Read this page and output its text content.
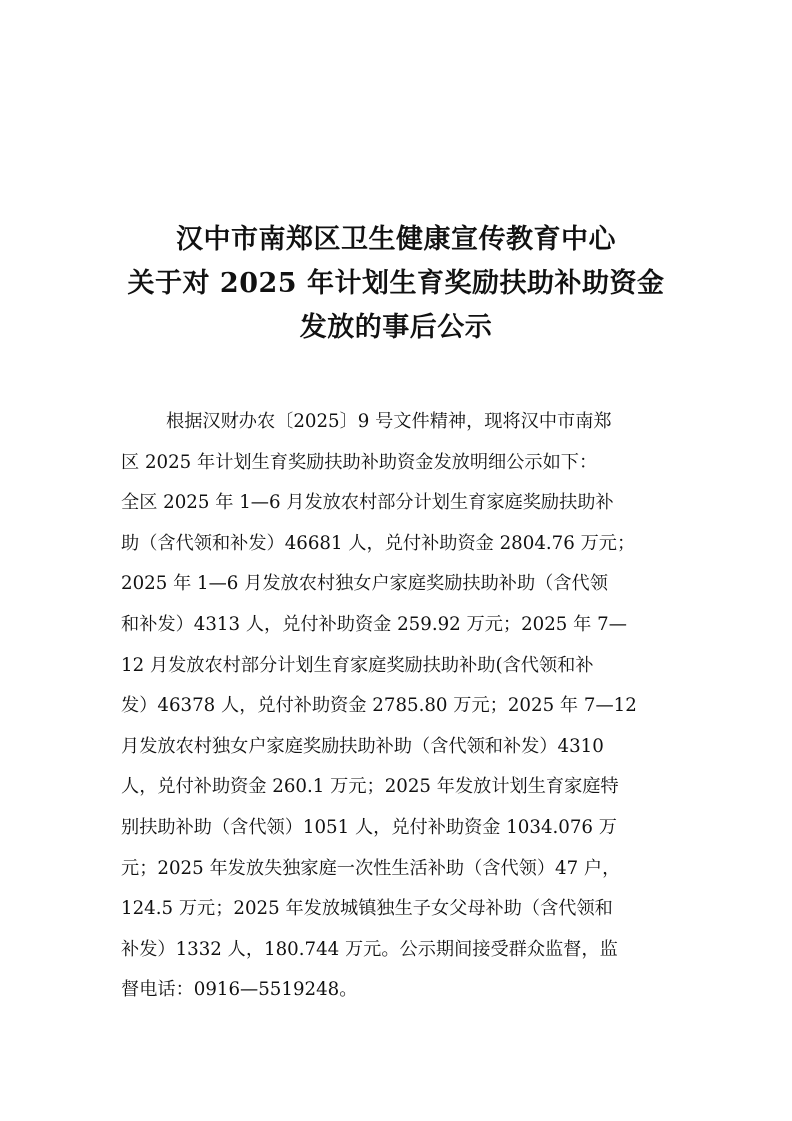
汉中市南郑区卫生健康宣传教育中心
关于对 2025 年计划生育奖励扶助补助资金
发放的事后公示
根据汉财办农〔2025〕9 号文件精神，现将汉中市南郑
区 2025 年计划生育奖励扶助补助资金发放明细公示如下：
全区 2025 年 1—6 月发放农村部分计划生育家庭奖励扶助补
助（含代领和补发）46681 人，兑付补助资金 2804.76 万元；
2025 年 1—6 月发放农村独女户家庭奖励扶助补助（含代领
和补发）4313 人，兑付补助资金 259.92 万元；2025 年 7—
12 月发放农村部分计划生育家庭奖励扶助补助(含代领和补
发）46378 人，兑付补助资金 2785.80 万元；2025 年 7—12
月发放农村独女户家庭奖励扶助补助（含代领和补发）4310
人，兑付补助资金 260.1 万元；2025 年发放计划生育家庭特
别扶助补助（含代领）1051 人，兑付补助资金 1034.076 万
元；2025 年发放失独家庭一次性生活补助（含代领）47 户，
124.5 万元；2025 年发放城镇独生子女父母补助（含代领和
补发）1332 人，180.744 万元。公示期间接受群众监督，监
督电话：0916—5519248。
